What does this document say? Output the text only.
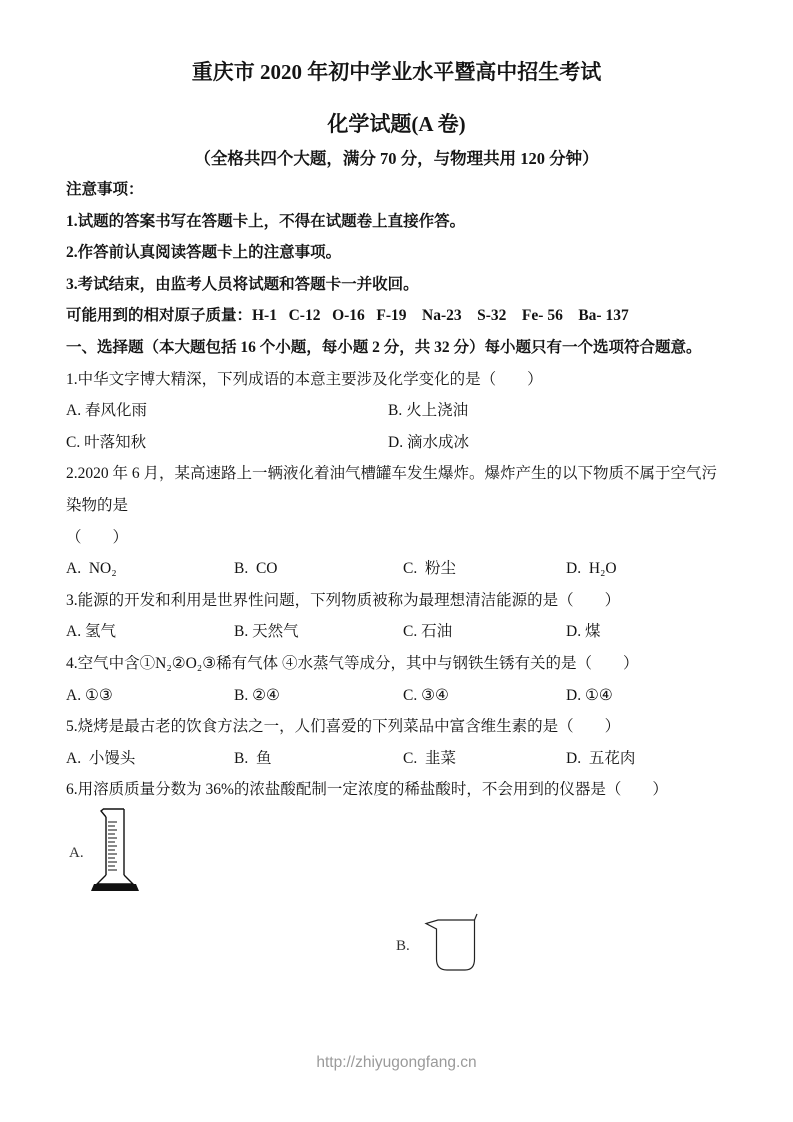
重庆市 2020 年初中学业水平暨高中招生考试
化学试题(A 卷)
（全格共四个大题，满分 70 分，与物理共用 120 分钟）

注意事项：

1.试题的答案书写在答题卡上，不得在试题卷上直接作答。

2.作答前认真阅读答题卡上的注意事项。

3.考试结束，由监考人员将试题和答题卡一并收回。

可能用到的相对原子质量：H-1   C-12   O-16   F-19    Na-23    S-32    Fe- 56    Ba- 137

一、选择题（本大题包括 16 个小题，每小题 2 分，共 32 分）每小题只有一个选项符合题意。

1.中华文字博大精深，下列成语的本意主要涉及化学变化的是（        ）

A. 春风化雨	B. 火上浇油
C. 叶落知秋	D. 滴水成冰

2.2020 年 6 月，某高速路上一辆液化着油气槽罐车发生爆炸。爆炸产生的以下物质不属于空气污染物的是

（        ）

A.  NO₂	B.  CO	C.  粉尘	D.  H₂O

3.能源的开发和利用是世界性问题，下列物质被称为最理想清洁能源的是（        ）

A. 氢气	B. 天然气	C. 石油	D. 煤

4.空气中含①N₂②O₂③稀有气体 ④水蒸气等成分，其中与钢铁生锈有关的是（        ）

A. ①③	B. ②④	C. ③④	D. ①④

5.烧烤是最古老的饮食方法之一，人们喜爱的下列菜品中富含维生素的是（        ）

A.  小馒头	B.  鱼	C.  韭菜	D.  五花肉

6.用溶质质量分数为 36%的浓盐酸配制一定浓度的稀盐酸时，不会用到的仪器是（        ）

A.
B.
http://zhiyugongfang.cn
